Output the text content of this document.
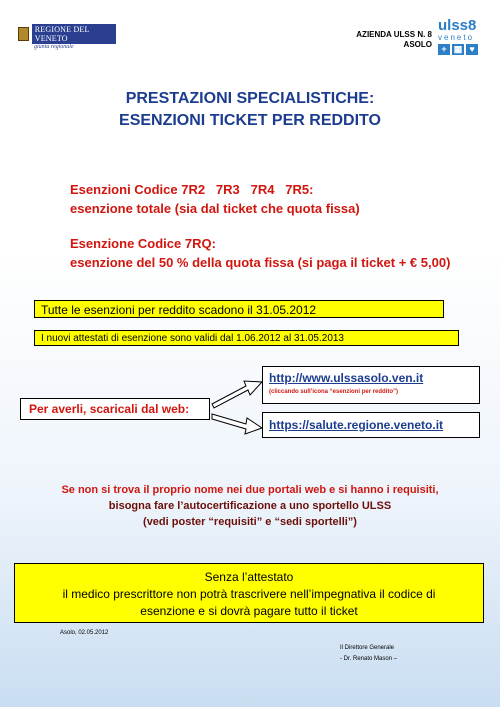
REGIONE DEL VENETO
giunta regionale
AZIENDA ULSS N. 8
ASOLO
ulss8
veneto
+ ▦ ♥
PRESTAZIONI SPECIALISTICHE:
ESENZIONI TICKET PER REDDITO

Esenzioni Codice 7R2   7R3   7R4   7R5:

esenzione totale (sia dal ticket che quota fissa)

Esenzione Codice 7RQ:

esenzione del 50 % della quota fissa (si paga il ticket + € 5,00)

Tutte le esenzioni per reddito scadono il 31.05.2012
I nuovi attestati di esenzione sono validi dal 1.06.2012 al 31.05.2013
Per averli, scaricali dal web:
http://www.ulssasolo.ven.it
(cliccando sull’icona “esenzioni per reddito”)
https://salute.regione.veneto.it
Se non si trova il proprio nome nei due portali web e si hanno i requisiti,
bisogna fare l’autocertificazione a uno sportello ULSS
(vedi poster “requisiti” e “sedi sportelli”)
Senza l’attestato
il medico prescrittore non potrà trascrivere nell’impegnativa il codice di
esenzione e si dovrà pagare tutto il ticket
Asolo, 02.05.2012
Il Direttore Generale
- Dr. Renato Mason –
